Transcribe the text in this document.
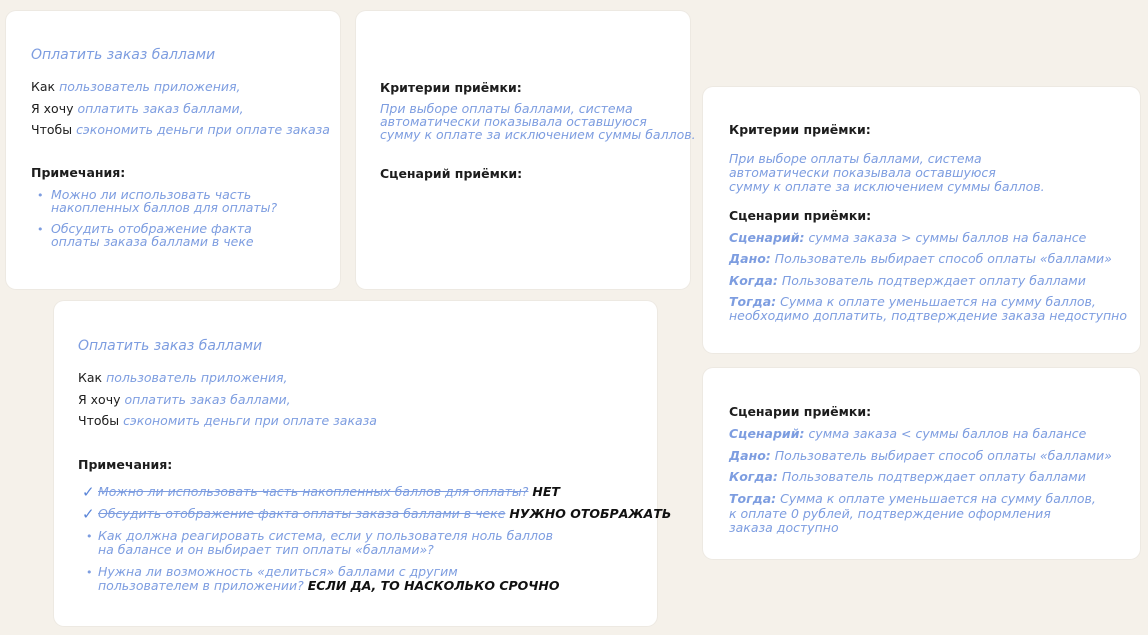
Оплатить заказ баллами
Как пользователь приложения,
Я хочу оплатить заказ баллами,
Чтобы сэкономить деньги при оплате заказа
Примечания:
• Можно ли использовать часть
накопленных баллов для оплаты?
• Обсудить отображение факта
оплаты заказа баллами в чеке
Критерии приёмки:
При выборе оплаты баллами, система
автоматически показывала оставшуюся
сумму к оплате за исключением суммы баллов.
Сценарий приёмки:
Критерии приёмки:
При выборе оплаты баллами, система
автоматически показывала оставшуюся
сумму к оплате за исключением суммы баллов.
Сценарии приёмки:
Сценарий: сумма заказа > суммы баллов на балансе
Дано: Пользователь выбирает способ оплаты «баллами»
Когда: Пользователь подтверждает оплату баллами
Тогда: Сумма к оплате уменьшается на сумму баллов,
необходимо доплатить, подтверждение заказа недоступно
Оплатить заказ баллами
Как пользователь приложения,
Я хочу оплатить заказ баллами,
Чтобы сэкономить деньги при оплате заказа
Примечания:
✓ Можно ли использовать часть накопленных баллов для оплаты? НЕТ
✓ Обсудить отображение факта оплаты заказа баллами в чеке НУЖНО ОТОБРАЖАТЬ
• Как должна реагировать система, если у пользователя ноль баллов
на балансе и он выбирает тип оплаты «баллами»?
• Нужна ли возможность «делиться» баллами с другим
пользователем в приложении? ЕСЛИ ДА, ТО НАСКОЛЬКО СРОЧНО
Сценарии приёмки:
Сценарий: сумма заказа < суммы баллов на балансе
Дано: Пользователь выбирает способ оплаты «баллами»
Когда: Пользователь подтверждает оплату баллами
Тогда: Сумма к оплате уменьшается на сумму баллов,
к оплате 0 рублей, подтверждение оформления
заказа доступно
